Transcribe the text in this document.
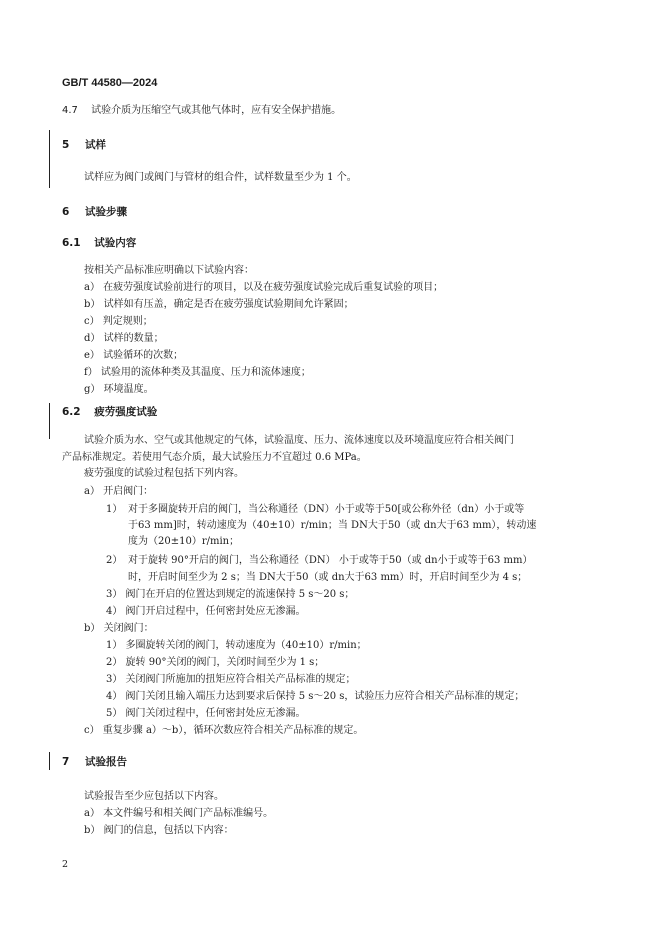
GB/T 44580—2024
4.7 试验介质为压缩空气或其他气体时，应有安全保护措施。
5 试样
试样应为阀门或阀门与管材的组合件，试样数量至少为 1 个。
6 试验步骤
6.1 试验内容
按相关产品标准应明确以下试验内容：
a） 在疲劳强度试验前进行的项目，以及在疲劳强度试验完成后重复试验的项目；
b） 试样如有压盖，确定是否在疲劳强度试验期间允许紧固；
c） 判定规则；
d） 试样的数量；
e） 试验循环的次数；
f） 试验用的流体种类及其温度、压力和流体速度；
g） 环境温度。
6.2 疲劳强度试验
试验介质为水、空气或其他规定的气体，试验温度、压力、流体速度以及环境温度应符合相关阀门
产品标准规定。若使用气态介质，最大试验压力不宜超过 0.6 MPa。
疲劳强度的试验过程包括下列内容。
a） 开启阀门：
1） 对于多圈旋转开启的阀门，当公称通径（DN）小于或等于50[或公称外径（dn）小于或等
于63 mm]时，转动速度为（40±10）r/min；当 DN大于50（或 dn大于63 mm），转动速
度为（20±10）r/min；
2） 对于旋转 90°开启的阀门，当公称通径（DN） 小于或等于50（或 dn小于或等于63 mm）
时，开启时间至少为 2 s；当 DN大于50（或 dn大于63 mm）时，开启时间至少为 4 s；
3） 阀门在开启的位置达到规定的流速保持 5 s～20 s；
4） 阀门开启过程中，任何密封处应无渗漏。
b） 关闭阀门：
1） 多圈旋转关闭的阀门，转动速度为（40±10）r/min；
2） 旋转 90°关闭的阀门，关闭时间至少为 1 s；
3） 关闭阀门所施加的扭矩应符合相关产品标准的规定；
4） 阀门关闭且输入端压力达到要求后保持 5 s～20 s，试验压力应符合相关产品标准的规定；
5） 阀门关闭过程中，任何密封处应无渗漏。
c） 重复步骤 a）～b），循环次数应符合相关产品标准的规定。
7 试验报告
试验报告至少应包括以下内容。
a） 本文件编号和相关阀门产品标准编号。
b） 阀门的信息，包括以下内容：
2
